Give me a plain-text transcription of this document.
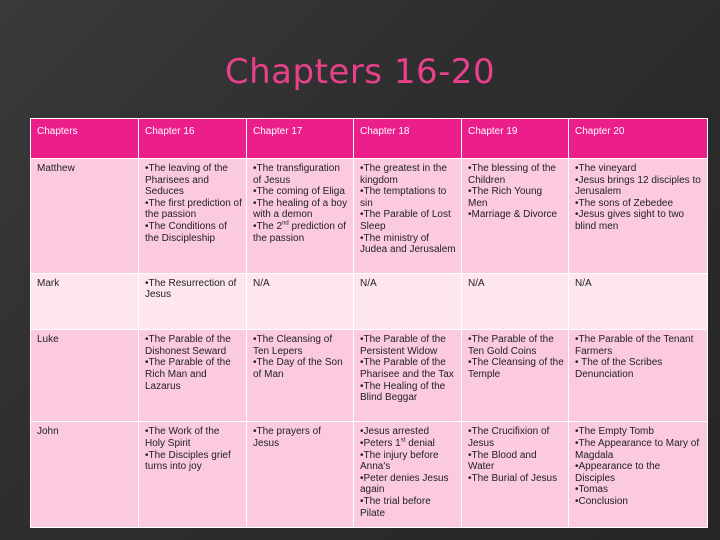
Chapters 16-20
Chapters	Chapter 16	Chapter 17	Chapter 18	Chapter 19	Chapter 20
Matthew	•The leaving of the Pharisees and Seduces
•The first prediction of the passion
•The Conditions of the Discipleship	•The transfiguration of Jesus
•The coming of Eliga
•The healing of a boy with a demon
•The 2nd prediction of the passion	•The greatest in the kingdom
•The temptations to sin
•The Parable of Lost Sleep
•The ministry of Judea and Jerusalem	•The blessing of the Children
•The Rich Young Men
•Marriage & Divorce	•The vineyard
•Jesus brings 12 disciples to Jerusalem
•The sons of Zebedee
•Jesus gives sight to two blind men

Mark	•The Resurrection of Jesus	N/A	N/A	N/A	N/A

Luke	•The Parable of the Dishonest Seward
•The Parable of the Rich Man and Lazarus	•The Cleansing of Ten Lepers
•The Day of the Son of Man	•The Parable of the Persistent Widow
•The Parable of the Pharisee and the Tax
•The Healing of the Blind Beggar	•The Parable of the Ten Gold Coins
•The Cleansing of the Temple	•The Parable of the Tenant Farmers
• The of the Scribes Denunciation

John	•The Work of the Holy Spirit
•The Disciples grief turns into joy	•The prayers of Jesus	•Jesus arrested
•Peters 1st denial
•The injury before Anna's
•Peter denies Jesus again
•The trial before Pilate	•The Crucifixion of Jesus
•The Blood and Water
•The Burial of Jesus	•The Empty Tomb
•The Appearance to Mary of Magdala
•Appearance to the Disciples
•Tomas
•Conclusion
